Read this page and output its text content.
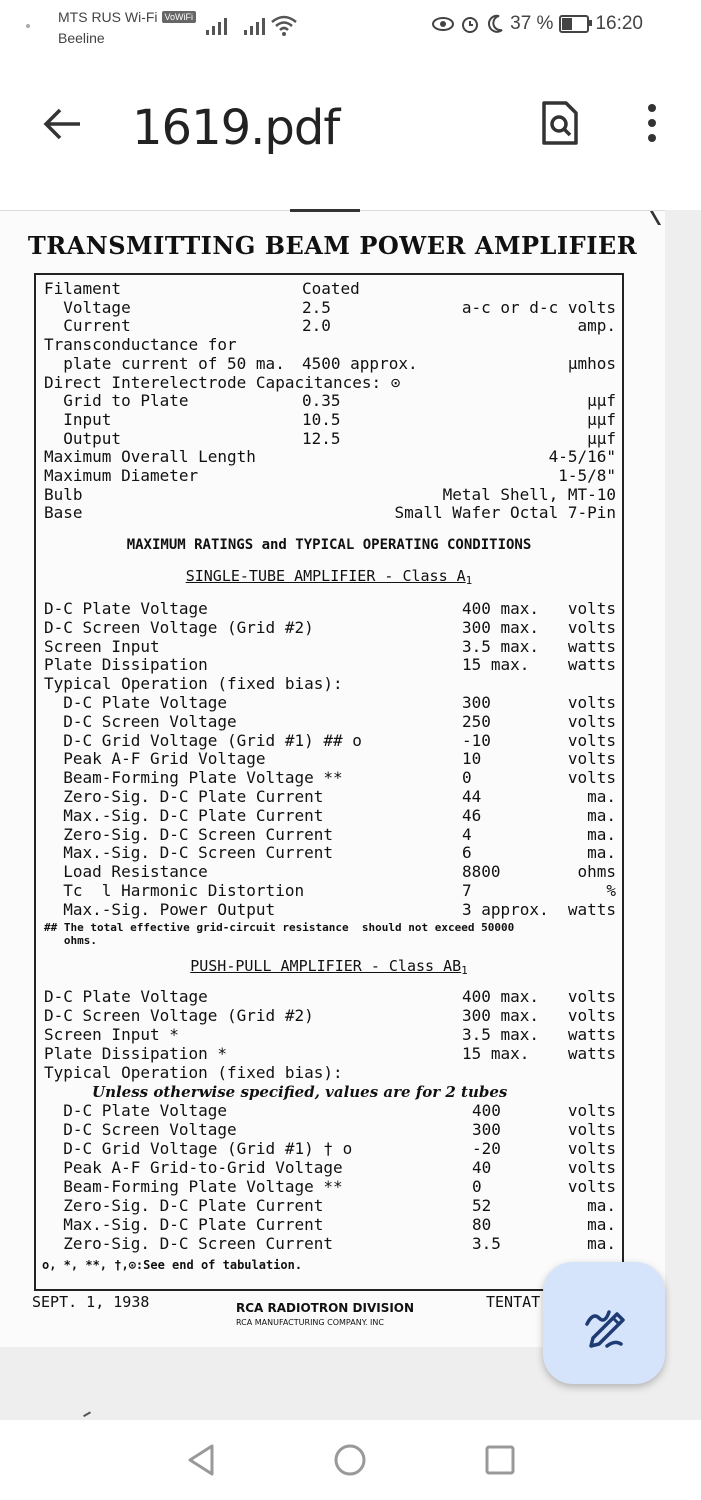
MTS RUS Wi-Fi VoWiFi
Beeline
37 % 16:20
1619.pdf
TRANSMITTING BEAM POWER AMPLIFIER
Filament	Coated
Voltage	2.5	a-c or d-c volts
Current	2.0	amp.
Transconductance for
plate current of 50 ma. 4500 approx.	µmhos
Direct Interelectrode Capacitances: ⊙
Grid to Plate	0.35	µµf
Input	10.5	µµf
Output	12.5	µµf
Maximum Overall Length	4-5/16"
Maximum Diameter	1-5/8"
Bulb	Metal Shell, MT-10
Base	Small Wafer Octal 7-Pin
MAXIMUM RATINGS and TYPICAL OPERATING CONDITIONS
SINGLE-TUBE AMPLIFIER - Class $A_1$
D-C Plate Voltage	400 max. volts
D-C Screen Voltage (Grid #2)	300 max. volts
Screen Input	3.5 max. watts
Plate Dissipation	15 max. watts
Typical Operation (fixed bias):
D-C Plate Voltage	300	volts
D-C Screen Voltage	250	volts
D-C Grid Voltage (Grid #1) ## o	-10	volts
Peak A-F Grid Voltage	10	volts
Beam-Forming Plate Voltage **	0	volts
Zero-Sig. D-C Plate Current	44	ma.
Max.-Sig. D-C Plate Current	46	ma.
Zero-Sig. D-C Screen Current	4	ma.
Max.-Sig. D-C Screen Current	6	ma.
Load Resistance	8800	ohms
Tc  l Harmonic Distortion	7	%
Max.-Sig. Power Output	3 approx. watts
## The total effective grid-circuit resistance  should not exceed 50000
ohms.
PUSH-PULL AMPLIFIER - Class $AB_1$
D-C Plate Voltage	400 max. volts
D-C Screen Voltage (Grid #2)	300 max. volts
Screen Input *	3.5 max. watts
Plate Dissipation *	15 max. watts
Typical Operation (fixed bias):
Unless otherwise specified, values are for 2 tubes
D-C Plate Voltage	400	volts
D-C Screen Voltage	300	volts
D-C Grid Voltage (Grid #1) † o	-20	volts
Peak A-F Grid-to-Grid Voltage	40	volts
Beam-Forming Plate Voltage **	0	volts
Zero-Sig. D-C Plate Current	52	ma.
Max.-Sig. D-C Plate Current	80	ma.
Zero-Sig. D-C Screen Current	3.5	ma.
o, *, **, †,⊙:See end of tabulation.
SEPT. 1, 1938	RCA RADIOTRON DIVISION
RCA MANUFACTURING COMPANY. INC
TENTAT
